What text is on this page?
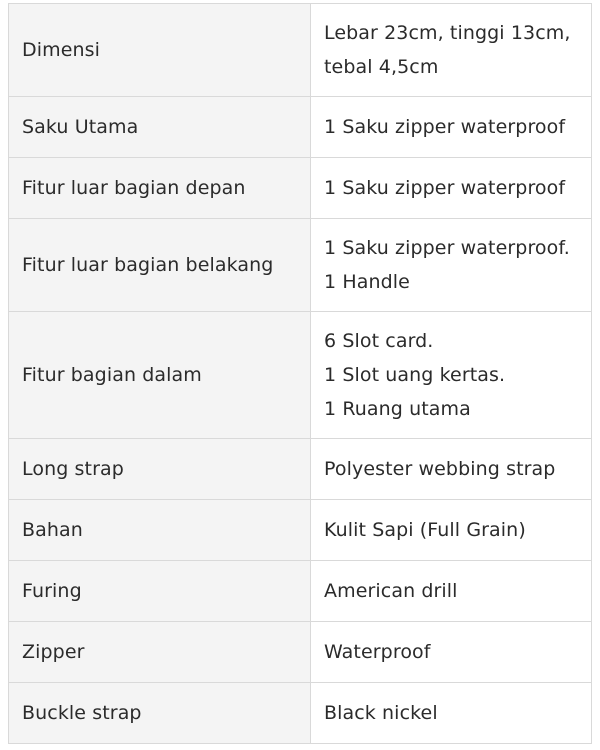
Dimensi	Lebar 23cm, tinggi 13cm,
tebal 4,5cm

Saku Utama	1 Saku zipper waterproof

Fitur luar bagian depan	1 Saku zipper waterproof

Fitur luar bagian belakang	1 Saku zipper waterproof.
1 Handle

Fitur bagian dalam	6 Slot card.
1 Slot uang kertas.
1 Ruang utama

Long strap	Polyester webbing strap

Bahan	Kulit Sapi (Full Grain)

Furing	American drill

Zipper	Waterproof

Buckle strap	Black nickel
